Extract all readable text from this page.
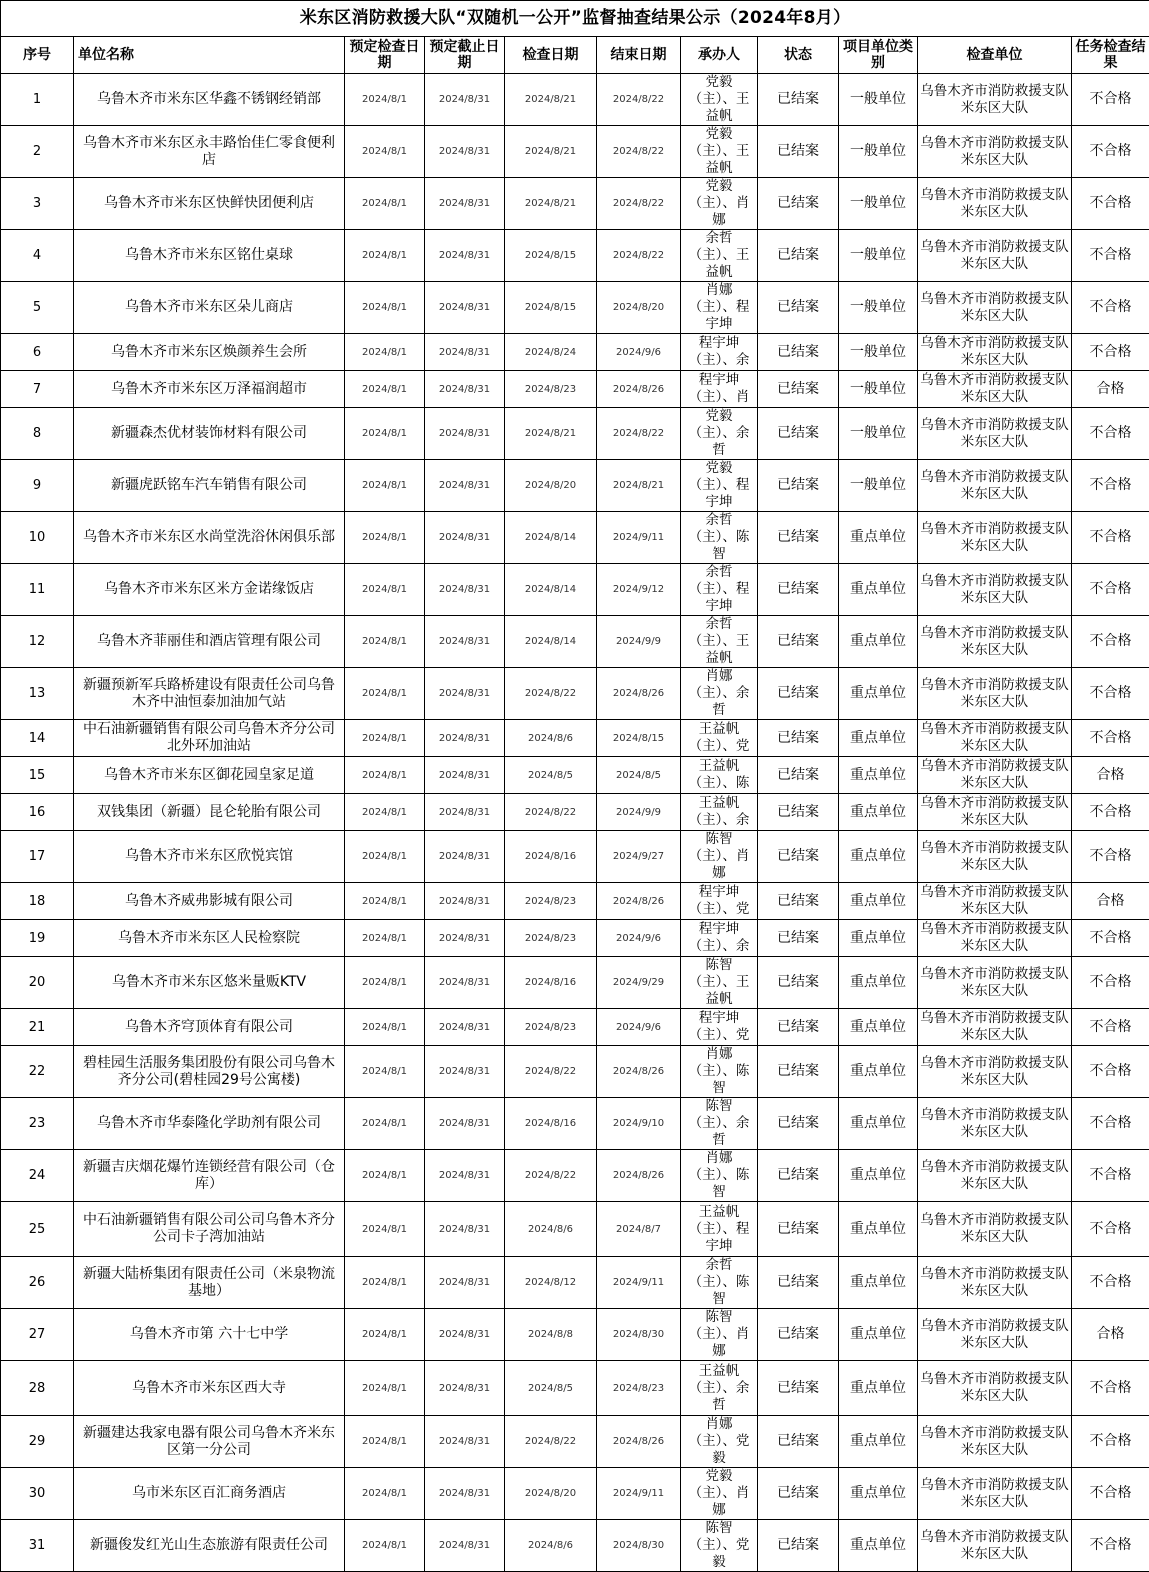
米东区消防救援大队“双随机一公开”监督抽查结果公示（2024年8月）										
序号	单位名称	预定检查日期	预定截止日期	检查日期	结束日期	承办人	状态	项目单位类别	检查单位	任务检查结果
1	乌鲁木齐市米东区华鑫不锈钢经销部	2024/8/1	2024/8/31	2024/8/21	2024/8/22	党毅（主）、王益帆	已结案	一般单位	乌鲁木齐市消防救援支队米东区大队	不合格
2	乌鲁木齐市米东区永丰路怡佳仁零食便利店	2024/8/1	2024/8/31	2024/8/21	2024/8/22	党毅（主）、王益帆	已结案	一般单位	乌鲁木齐市消防救援支队米东区大队	不合格
3	乌鲁木齐市米东区快鲜快团便利店	2024/8/1	2024/8/31	2024/8/21	2024/8/22	党毅（主）、肖娜	已结案	一般单位	乌鲁木齐市消防救援支队米东区大队	不合格
4	乌鲁木齐市米东区铭仕桌球	2024/8/1	2024/8/31	2024/8/15	2024/8/22	余哲（主）、王益帆	已结案	一般单位	乌鲁木齐市消防救援支队米东区大队	不合格
5	乌鲁木齐市米东区朵儿商店	2024/8/1	2024/8/31	2024/8/15	2024/8/20	肖娜（主）、程宇坤	已结案	一般单位	乌鲁木齐市消防救援支队米东区大队	不合格
6	乌鲁木齐市米东区焕颜养生会所	2024/8/1	2024/8/31	2024/8/24	2024/9/6	程宇坤（主）、余	已结案	一般单位	乌鲁木齐市消防救援支队米东区大队	不合格
7	乌鲁木齐市米东区万泽福润超市	2024/8/1	2024/8/31	2024/8/23	2024/8/26	程宇坤（主）、肖	已结案	一般单位	乌鲁木齐市消防救援支队米东区大队	合格
8	新疆森杰优材装饰材料有限公司	2024/8/1	2024/8/31	2024/8/21	2024/8/22	党毅（主）、余哲	已结案	一般单位	乌鲁木齐市消防救援支队米东区大队	不合格
9	新疆虎跃铭车汽车销售有限公司	2024/8/1	2024/8/31	2024/8/20	2024/8/21	党毅（主）、程宇坤	已结案	一般单位	乌鲁木齐市消防救援支队米东区大队	不合格
10	乌鲁木齐市米东区水尚堂洗浴休闲俱乐部	2024/8/1	2024/8/31	2024/8/14	2024/9/11	余哲（主）、陈智	已结案	重点单位	乌鲁木齐市消防救援支队米东区大队	不合格
11	乌鲁木齐市米东区米方金诺缘饭店	2024/8/1	2024/8/31	2024/8/14	2024/9/12	余哲（主）、程宇坤	已结案	重点单位	乌鲁木齐市消防救援支队米东区大队	不合格
12	乌鲁木齐菲丽佳和酒店管理有限公司	2024/8/1	2024/8/31	2024/8/14	2024/9/9	余哲（主）、王益帆	已结案	重点单位	乌鲁木齐市消防救援支队米东区大队	不合格
13	新疆预新军兵路桥建设有限责任公司乌鲁木齐中油恒泰加油加气站	2024/8/1	2024/8/31	2024/8/22	2024/8/26	肖娜（主）、余哲	已结案	重点单位	乌鲁木齐市消防救援支队米东区大队	不合格
14	中石油新疆销售有限公司乌鲁木齐分公司北外环加油站	2024/8/1	2024/8/31	2024/8/6	2024/8/15	王益帆（主）、党	已结案	重点单位	乌鲁木齐市消防救援支队米东区大队	不合格
15	乌鲁木齐市米东区御花园皇家足道	2024/8/1	2024/8/31	2024/8/5	2024/8/5	王益帆（主）、陈	已结案	重点单位	乌鲁木齐市消防救援支队米东区大队	合格
16	双钱集团（新疆）昆仑轮胎有限公司	2024/8/1	2024/8/31	2024/8/22	2024/9/9	王益帆（主）、余	已结案	重点单位	乌鲁木齐市消防救援支队米东区大队	不合格
17	乌鲁木齐市米东区欣悦宾馆	2024/8/1	2024/8/31	2024/8/16	2024/9/27	陈智（主）、肖娜	已结案	重点单位	乌鲁木齐市消防救援支队米东区大队	不合格
18	乌鲁木齐威弗影城有限公司	2024/8/1	2024/8/31	2024/8/23	2024/8/26	程宇坤（主）、党	已结案	重点单位	乌鲁木齐市消防救援支队米东区大队	合格
19	乌鲁木齐市米东区人民检察院	2024/8/1	2024/8/31	2024/8/23	2024/9/6	程宇坤（主）、余	已结案	重点单位	乌鲁木齐市消防救援支队米东区大队	不合格
20	乌鲁木齐市米东区悠米量贩KTV	2024/8/1	2024/8/31	2024/8/16	2024/9/29	陈智（主）、王益帆	已结案	重点单位	乌鲁木齐市消防救援支队米东区大队	不合格
21	乌鲁木齐穹顶体育有限公司	2024/8/1	2024/8/31	2024/8/23	2024/9/6	程宇坤（主）、党	已结案	重点单位	乌鲁木齐市消防救援支队米东区大队	不合格
22	碧桂园生活服务集团股份有限公司乌鲁木齐分公司(碧桂园29号公寓楼)	2024/8/1	2024/8/31	2024/8/22	2024/8/26	肖娜（主）、陈智	已结案	重点单位	乌鲁木齐市消防救援支队米东区大队	不合格
23	乌鲁木齐市华泰隆化学助剂有限公司	2024/8/1	2024/8/31	2024/8/16	2024/9/10	陈智（主）、余哲	已结案	重点单位	乌鲁木齐市消防救援支队米东区大队	不合格
24	新疆吉庆烟花爆竹连锁经营有限公司（仓库）	2024/8/1	2024/8/31	2024/8/22	2024/8/26	肖娜（主）、陈智	已结案	重点单位	乌鲁木齐市消防救援支队米东区大队	不合格
25	中石油新疆销售有限公司公司乌鲁木齐分公司卡子湾加油站	2024/8/1	2024/8/31	2024/8/6	2024/8/7	王益帆（主）、程宇坤	已结案	重点单位	乌鲁木齐市消防救援支队米东区大队	不合格
26	新疆大陆桥集团有限责任公司（米泉物流基地）	2024/8/1	2024/8/31	2024/8/12	2024/9/11	余哲（主）、陈智	已结案	重点单位	乌鲁木齐市消防救援支队米东区大队	不合格
27	乌鲁木齐市第 六十七中学	2024/8/1	2024/8/31	2024/8/8	2024/8/30	陈智（主）、肖娜	已结案	重点单位	乌鲁木齐市消防救援支队米东区大队	合格
28	乌鲁木齐市米东区西大寺	2024/8/1	2024/8/31	2024/8/5	2024/8/23	王益帆（主）、余哲	已结案	重点单位	乌鲁木齐市消防救援支队米东区大队	不合格
29	新疆建达我家电器有限公司乌鲁木齐米东区第一分公司	2024/8/1	2024/8/31	2024/8/22	2024/8/26	肖娜（主）、党毅	已结案	重点单位	乌鲁木齐市消防救援支队米东区大队	不合格
30	乌市米东区百汇商务酒店	2024/8/1	2024/8/31	2024/8/20	2024/9/11	党毅（主）、肖娜	已结案	重点单位	乌鲁木齐市消防救援支队米东区大队	不合格
31	新疆俊发红光山生态旅游有限责任公司	2024/8/1	2024/8/31	2024/8/6	2024/8/30	陈智（主）、党毅	已结案	重点单位	乌鲁木齐市消防救援支队米东区大队	不合格
